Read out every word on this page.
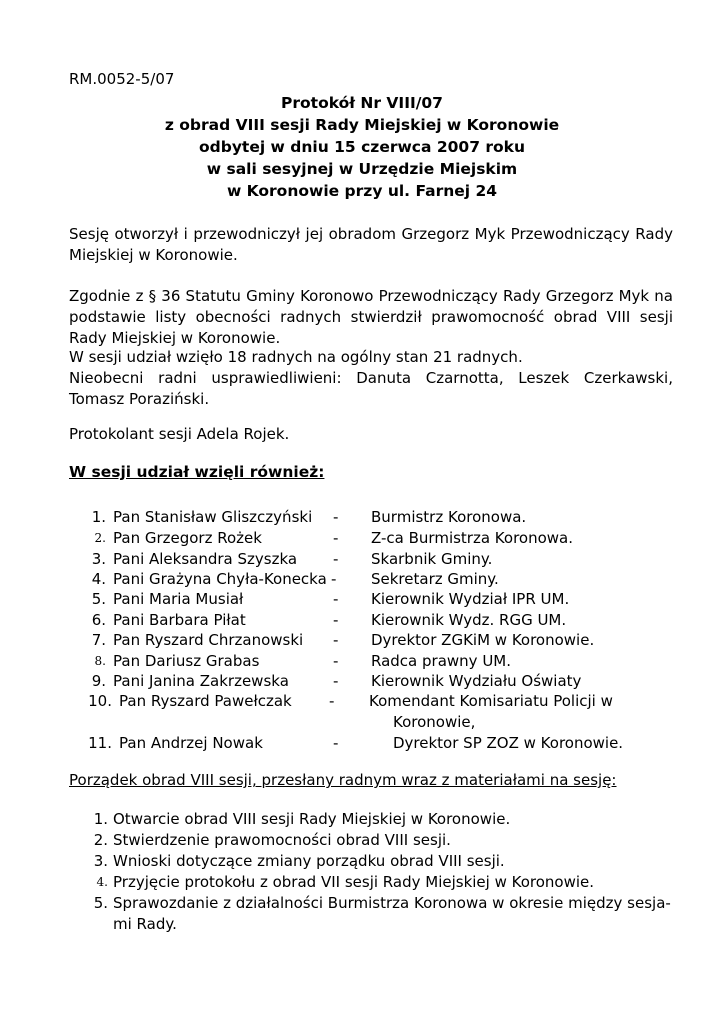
RM.0052-5/07
Protokół Nr VIII/07
z obrad VIII sesji Rady Miejskiej w Koronowie
odbytej w dniu 15 czerwca 2007 roku
w sali sesyjnej w Urzędzie Miejskim
w Koronowie przy ul. Farnej 24
Sesję otworzył i przewodniczył jej obradom Grzegorz Myk Przewodniczący Rady Miejskiej w Koronowie.
Zgodnie z § 36 Statutu Gminy Koronowo Przewodniczący Rady Grzegorz Myk na podstawie listy obecności radnych stwierdził prawomocność obrad VIII sesji Rady Miejskiej w Koronowie.
W sesji udział wzięło 18 radnych na ogólny stan 21 radnych.
Nieobecni radni usprawiedliwieni: Danuta Czarnotta, Leszek Czerkawski, Tomasz Poraziński.
Protokolant sesji Adela Rojek.
W sesji udział wzięli również:
1. Pan Stanisław Gliszczyński - Burmistrz Koronowa.
2. Pan Grzegorz Rożek	- Z-ca Burmistrza Koronowa.
3. Pani Aleksandra Szyszka - Skarbnik Gminy.
4. Pani Grażyna Chyła-Konecka - Sekretarz Gminy.
5. Pani Maria Musiał	- Kierownik Wydział IPR UM.
6. Pani Barbara Piłat	- Kierownik Wydz. RGG UM.
7. Pan Ryszard Chrzanowski - Dyrektor ZGKiM w Koronowie.
8. Pan Dariusz Grabas	- Radca prawny UM.
9. Pani Janina Zakrzewska	- Kierownik Wydziału Oświaty
10. Pan Ryszard Pawełczak - Komendant Komisariatu Policji w
Koronowie,
11. Pan Andrzej Nowak	-	Dyrektor SP ZOZ w Koronowie.
Porządek obrad VIII sesji, przesłany radnym wraz z materiałami na sesję:
1. Otwarcie obrad VIII sesji Rady Miejskiej w Koronowie.
2. Stwierdzenie prawomocności obrad VIII sesji.
3. Wnioski dotyczące zmiany porządku obrad VIII sesji.
4. Przyjęcie protokołu z obrad VII sesji Rady Miejskiej w Koronowie.
5. Sprawozdanie z działalności Burmistrza Koronowa w okresie między sesja-
mi Rady.
